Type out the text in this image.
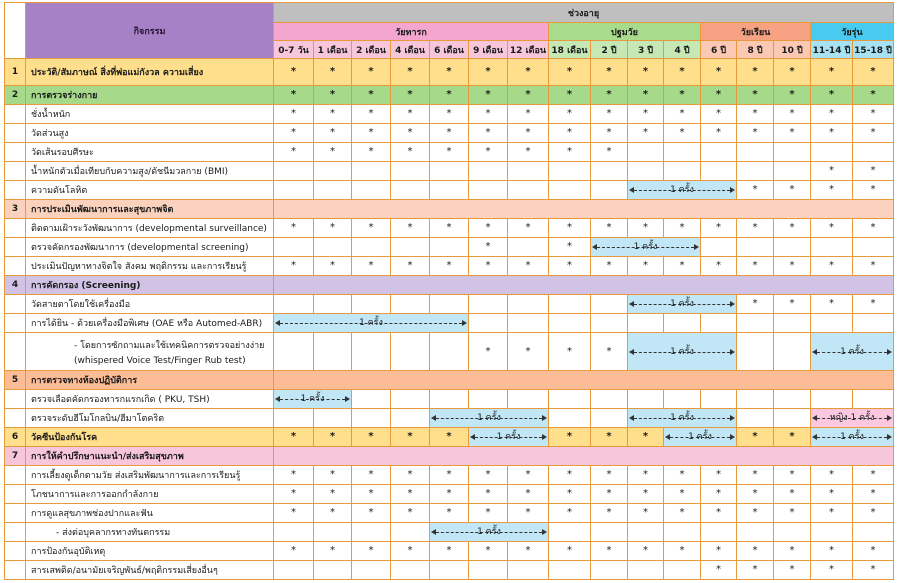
	กิจกรรม	ช่วงอายุ															
		วัยทารก							ปฐมวัย				วัยเรียน			วัยรุ่น	
		0-7 วัน	1 เดือน	2 เดือน	4 เดือน	6 เดือน	9 เดือน	12 เดือน	18 เดือน	2 ปี	3 ปี	4 ปี	6 ปี	8 ปี	10 ปี	11-14 ปี	15-18 ปี
1	ประวัติ/สัมภาษณ์ สิ่งที่พ่อแม่กังวล ความเสี่ยง	*	*	*	*	*	*	*	*	*	*	*	*	*	*	*	*
2	การตรวจร่างกาย	*	*	*	*	*	*	*	*	*	*	*	*	*	*	*	*
	ชั่งน้ำหนัก	*	*	*	*	*	*	*	*	*	*	*	*	*	*	*	*
	วัดส่วนสูง	*	*	*	*	*	*	*	*	*	*	*	*	*	*	*	*
	วัดเส้นรอบศีรษะ	*	*	*	*	*	*	*	*	*							
	น้ำหนักตัวเมื่อเทียบกับความสูง/ดัชนีมวลกาย (BMI)															*	*
	ความดันโลหิต										1 ครั้ง			*	*	*	*
3	การประเมินพัฒนาการและสุขภาพจิต																
	ติดตามเฝ้าระวังพัฒนาการ (developmental surveillance)	*	*	*	*	*	*	*	*	*	*	*	*	*	*	*	*
	ตรวจคัดกรองพัฒนาการ (developmental screening)						*		*	1 ครั้ง							

	ประเมินปัญหาทางจิตใจ สังคม พฤติกรรม และการเรียนรู้	*	*	*	*	*	*	*	*	*	*	*	*	*	*	*	*
4	การคัดกรอง (Screening)																
	วัดสายตาโดยใช้เครื่องมือ										1 ครั้ง			*	*	*	*
	การได้ยิน - ด้วยเครื่องมือพิเศษ (OAE หรือ Automed-ABR)	1 ครั้ง															

	- โดยการซักถามและใช้เทคนิคการตรวจอย่างง่าย
(whispered Voice Test/Finger Rub test)						*	*	*	*	1 ครั้ง					1 ครั้ง	

5	การตรวจทางห้องปฏิบัติการ																
	ตรวจเลือดคัดกรองทารกแรกเกิด ( PKU, TSH)	1 ครั้ง															

	ตรวจระดับฮีโมโกลบิน/ฮีมาโตคริต					1 ครั้ง					1 ครั้ง					หญิง 1 ครั้ง	

6	วัคซีนป้องกันโรค	*	*	*	*	*	1 ครั้ง		*	*	*	1 ครั้ง		*	*	1 ครั้ง	

7	การให้คำปรึกษาแนะนำ/ส่งเสริมสุขภาพ																
	การเลี้ยงดูเด็กตามวัย ส่งเสริมพัฒนาการและการเรียนรู้	*	*	*	*	*	*	*	*	*	*	*	*	*	*	*	*
	โภชนาการและการออกกำลังกาย	*	*	*	*	*	*	*	*	*	*	*	*	*	*	*	*
	การดูแลสุขภาพช่องปากและฟัน	*	*	*	*	*	*	*	*	*	*	*	*	*	*	*	*
	- ส่งต่อบุคลากรทางทันตกรรม					1 ครั้ง											

	การป้องกันอุบัติเหตุ	*	*	*	*	*	*	*	*	*	*	*	*	*	*	*	*
	สารเสพติด/อนามัยเจริญพันธ์/พฤติกรรมเสี่ยงอื่นๆ												*	*	*	*	*
